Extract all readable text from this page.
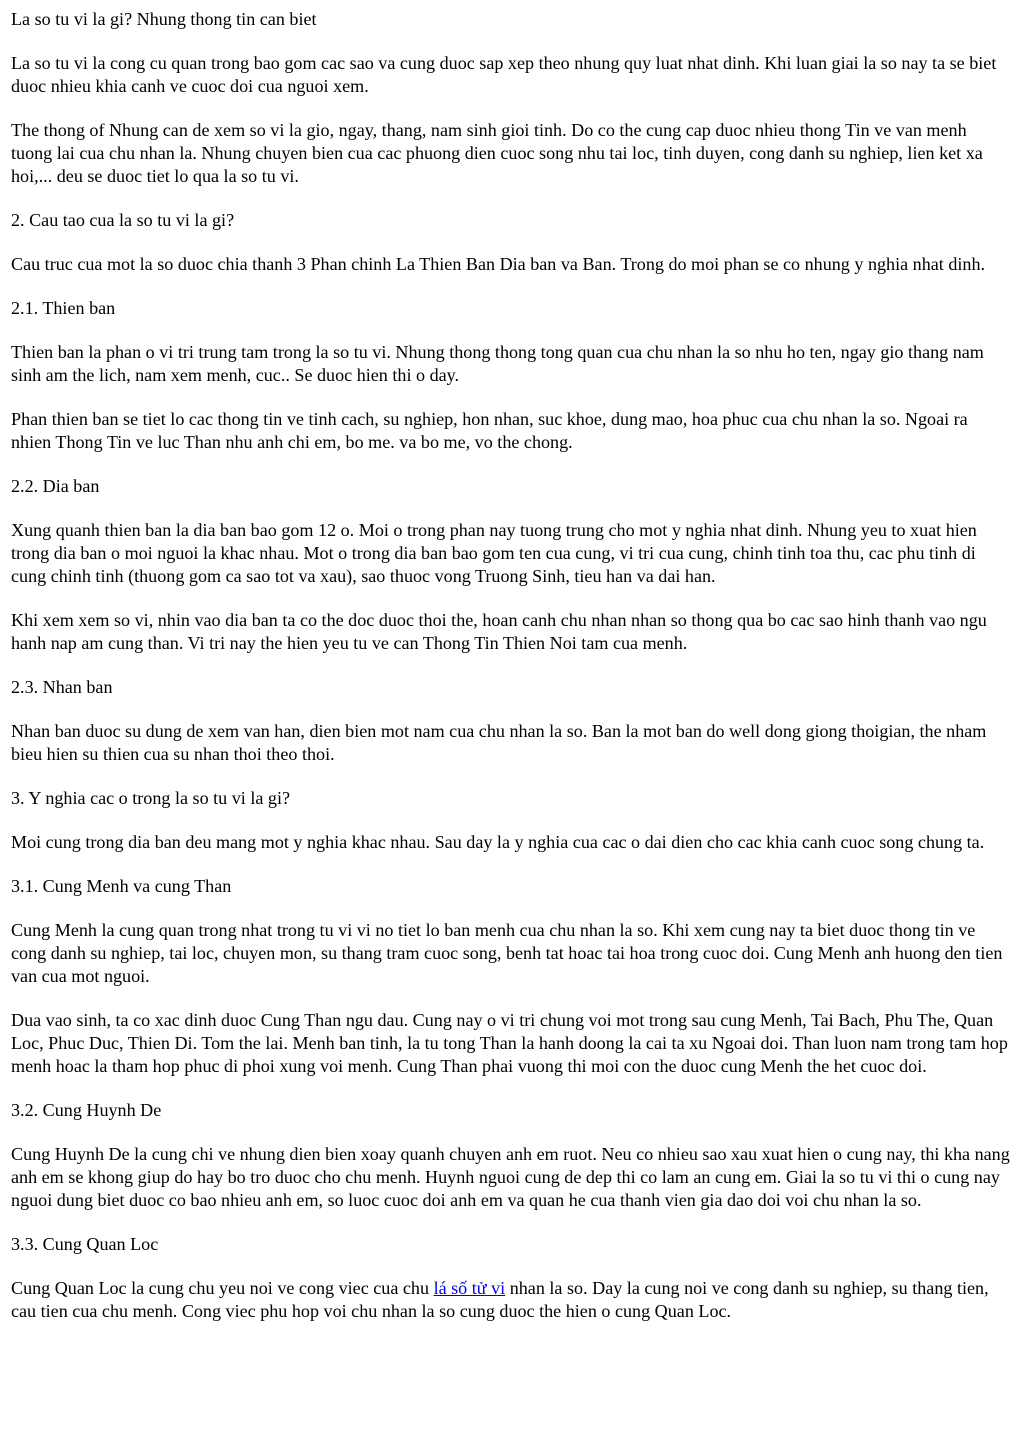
La so tu vi la gi? Nhung thong tin can biet

La so tu vi la cong cu quan trong bao gom cac sao va cung duoc sap xep theo nhung quy luat nhat dinh. Khi luan giai la so nay ta se biet duoc nhieu khia canh ve cuoc doi cua nguoi xem.

The thong of Nhung can de xem so vi la gio, ngay, thang, nam sinh gioi tinh. Do co the cung cap duoc nhieu thong Tin ve van menh tuong lai cua chu nhan la. Nhung chuyen bien cua cac phuong dien cuoc song nhu tai loc, tinh duyen, cong danh su nghiep, lien ket xa hoi,... deu se duoc tiet lo qua la so tu vi.

2. Cau tao cua la so tu vi la gi?

Cau truc cua mot la so duoc chia thanh 3 Phan chinh La Thien Ban Dia ban va Ban. Trong do moi phan se co nhung y nghia nhat dinh.

2.1. Thien ban

Thien ban la phan o vi tri trung tam trong la so tu vi. Nhung thong thong tong quan cua chu nhan la so nhu ho ten, ngay gio thang nam sinh am the lich, nam xem menh, cuc.. Se duoc hien thi o day.

Phan thien ban se tiet lo cac thong tin ve tinh cach, su nghiep, hon nhan, suc khoe, dung mao, hoa phuc cua chu nhan la so. Ngoai ra nhien Thong Tin ve luc Than nhu anh chi em, bo me. va bo me, vo the chong.

2.2. Dia ban

Xung quanh thien ban la dia ban bao gom 12 o. Moi o trong phan nay tuong trung cho mot y nghia nhat dinh. Nhung yeu to xuat hien trong dia ban o moi nguoi la khac nhau. Mot o trong dia ban bao gom ten cua cung, vi tri cua cung, chinh tinh toa thu, cac phu tinh di cung chinh tinh (thuong gom ca sao tot va xau), sao thuoc vong Truong Sinh, tieu han va dai han.

Khi xem xem so vi, nhin vao dia ban ta co the doc duoc thoi the, hoan canh chu nhan nhan so thong qua bo cac sao hinh thanh vao ngu hanh nap am cung than. Vi tri nay the hien yeu tu ve can Thong Tin Thien Noi tam cua menh.

2.3. Nhan ban

Nhan ban duoc su dung de xem van han, dien bien mot nam cua chu nhan la so. Ban la mot ban do well dong giong thoigian, the nham bieu hien su thien cua su nhan thoi theo thoi.

3. Y nghia cac o trong la so tu vi la gi?

Moi cung trong dia ban deu mang mot y nghia khac nhau. Sau day la y nghia cua cac o dai dien cho cac khia canh cuoc song chung ta.

3.1. Cung Menh va cung Than

Cung Menh la cung quan trong nhat trong tu vi vi no tiet lo ban menh cua chu nhan la so. Khi xem cung nay ta biet duoc thong tin ve cong danh su nghiep, tai loc, chuyen mon, su thang tram cuoc song, benh tat hoac tai hoa trong cuoc doi. Cung Menh anh huong den tien van cua mot nguoi.

Dua vao sinh, ta co xac dinh duoc Cung Than ngu dau. Cung nay o vi tri chung voi mot trong sau cung Menh, Tai Bach, Phu The, Quan Loc, Phuc Duc, Thien Di. Tom the lai. Menh ban tinh, la tu tong Than la hanh doong la cai ta xu Ngoai doi. Than luon nam trong tam hop menh hoac la tham hop phuc di phoi xung voi menh. Cung Than phai vuong thi moi con the duoc cung Menh the het cuoc doi.

3.2. Cung Huynh De

Cung Huynh De la cung chi ve nhung dien bien xoay quanh chuyen anh em ruot. Neu co nhieu sao xau xuat hien o cung nay, thi kha nang anh em se khong giup do hay bo tro duoc cho chu menh. Huynh nguoi cung de dep thi co lam an cung em. Giai la so tu vi thi o cung nay nguoi dung biet duoc co bao nhieu anh em, so luoc cuoc doi anh em va quan he cua thanh vien gia dao doi voi chu nhan la so.

3.3. Cung Quan Loc

Cung Quan Loc la cung chu yeu noi ve cong viec cua chu lá số tử vi nhan la so. Day la cung noi ve cong danh su nghiep, su thang tien, cau tien cua chu menh. Cong viec phu hop voi chu nhan la so cung duoc the hien o cung Quan Loc.
